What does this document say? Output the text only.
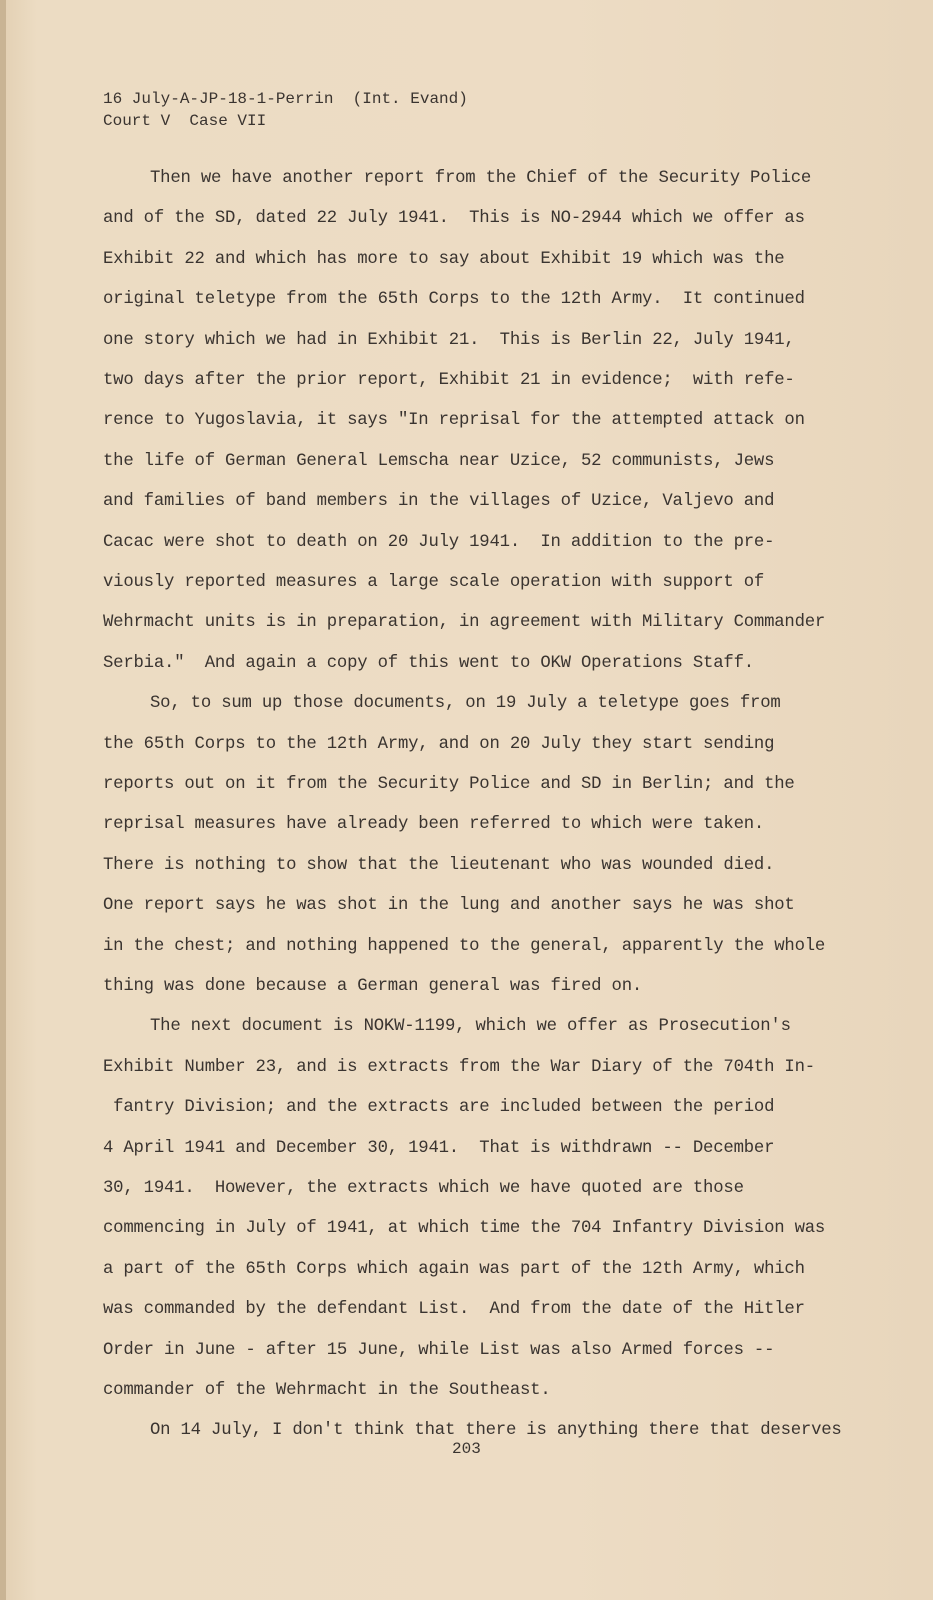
16 July-A-JP-18-1-Perrin  (Int. Evand)
Court V  Case VII
Then we have another report from the Chief of the Security Police
and of the SD, dated 22 July 1941.  This is NO-2944 which we offer as
Exhibit 22 and which has more to say about Exhibit 19 which was the
original teletype from the 65th Corps to the 12th Army.  It continued
one story which we had in Exhibit 21.  This is Berlin 22, July 1941,
two days after the prior report, Exhibit 21 in evidence;  with refe-
rence to Yugoslavia, it says "In reprisal for the attempted attack on
the life of German General Lemscha near Uzice, 52 communists, Jews
and families of band members in the villages of Uzice, Valjevo and
Cacac were shot to death on 20 July 1941.  In addition to the pre-
viously reported measures a large scale operation with support of
Wehrmacht units is in preparation, in agreement with Military Commander
Serbia."  And again a copy of this went to OKW Operations Staff.
So, to sum up those documents, on 19 July a teletype goes from
the 65th Corps to the 12th Army, and on 20 July they start sending
reports out on it from the Security Police and SD in Berlin; and the
reprisal measures have already been referred to which were taken.
There is nothing to show that the lieutenant who was wounded died.
One report says he was shot in the lung and another says he was shot
in the chest; and nothing happened to the general, apparently the whole
thing was done because a German general was fired on.
The next document is NOKW-1199, which we offer as Prosecution's
Exhibit Number 23, and is extracts from the War Diary of the 704th In-
fantry Division; and the extracts are included between the period
4 April 1941 and December 30, 1941.  That is withdrawn -- December
30, 1941.  However, the extracts which we have quoted are those
commencing in July of 1941, at which time the 704 Infantry Division was
a part of the 65th Corps which again was part of the 12th Army, which
was commanded by the defendant List.  And from the date of the Hitler
Order in June - after 15 June, while List was also Armed forces --
commander of the Wehrmacht in the Southeast.
On 14 July, I don't think that there is anything there that deserves
203
